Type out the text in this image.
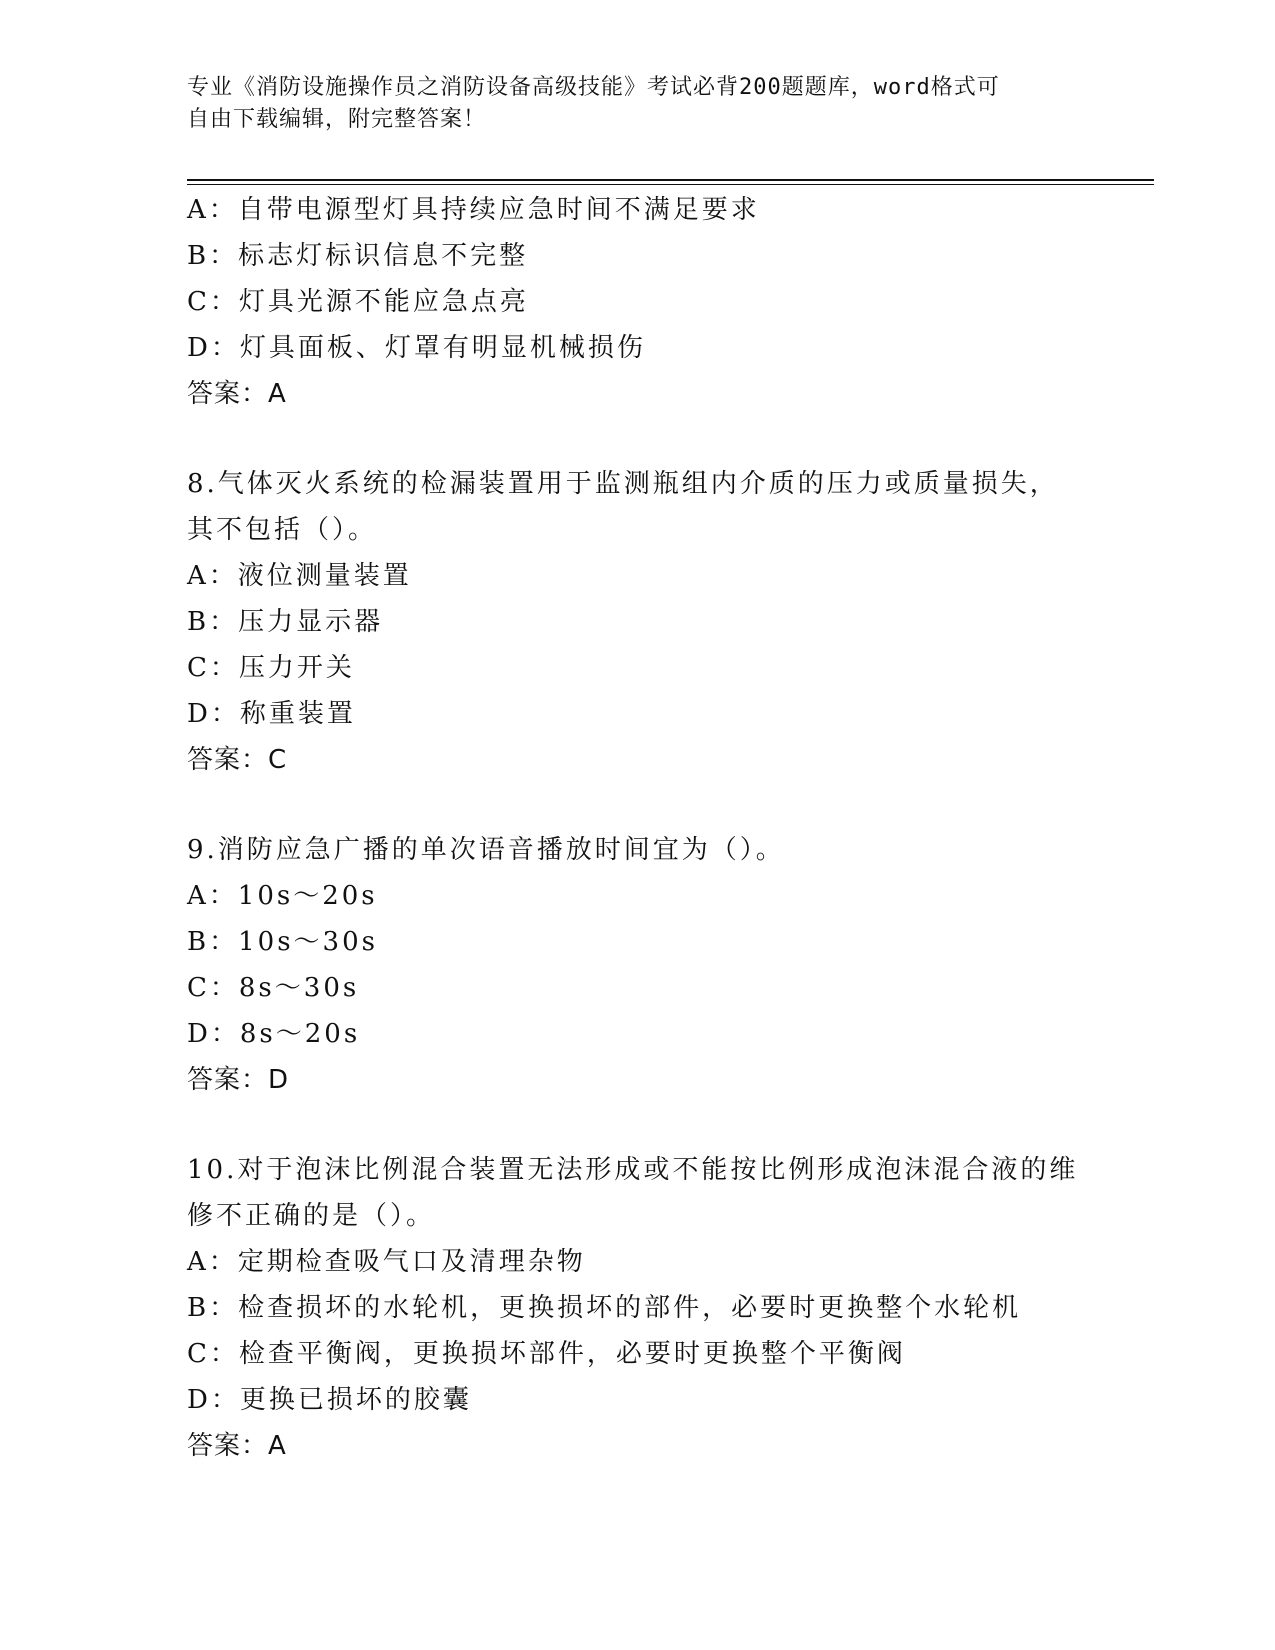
专业《消防设施操作员之消防设备高级技能》考试必背200题题库，word格式可
自由下载编辑，附完整答案！
A：自带电源型灯具持续应急时间不满足要求
B：标志灯标识信息不完整
C：灯具光源不能应急点亮
D：灯具面板、灯罩有明显机械损伤
答案：A
8.气体灭火系统的检漏装置用于监测瓶组内介质的压力或质量损失，
其不包括（）。
A：液位测量装置
B：压力显示器
C：压力开关
D：称重装置
答案：C
9.消防应急广播的单次语音播放时间宜为（）。
A：10s～20s
B：10s～30s
C：8s～30s
D：8s～20s
答案：D
10.对于泡沫比例混合装置无法形成或不能按比例形成泡沫混合液的维
修不正确的是（）。
A：定期检查吸气口及清理杂物
B：检查损坏的水轮机，更换损坏的部件，必要时更换整个水轮机
C：检查平衡阀，更换损坏部件，必要时更换整个平衡阀
D：更换已损坏的胶囊
答案：A
